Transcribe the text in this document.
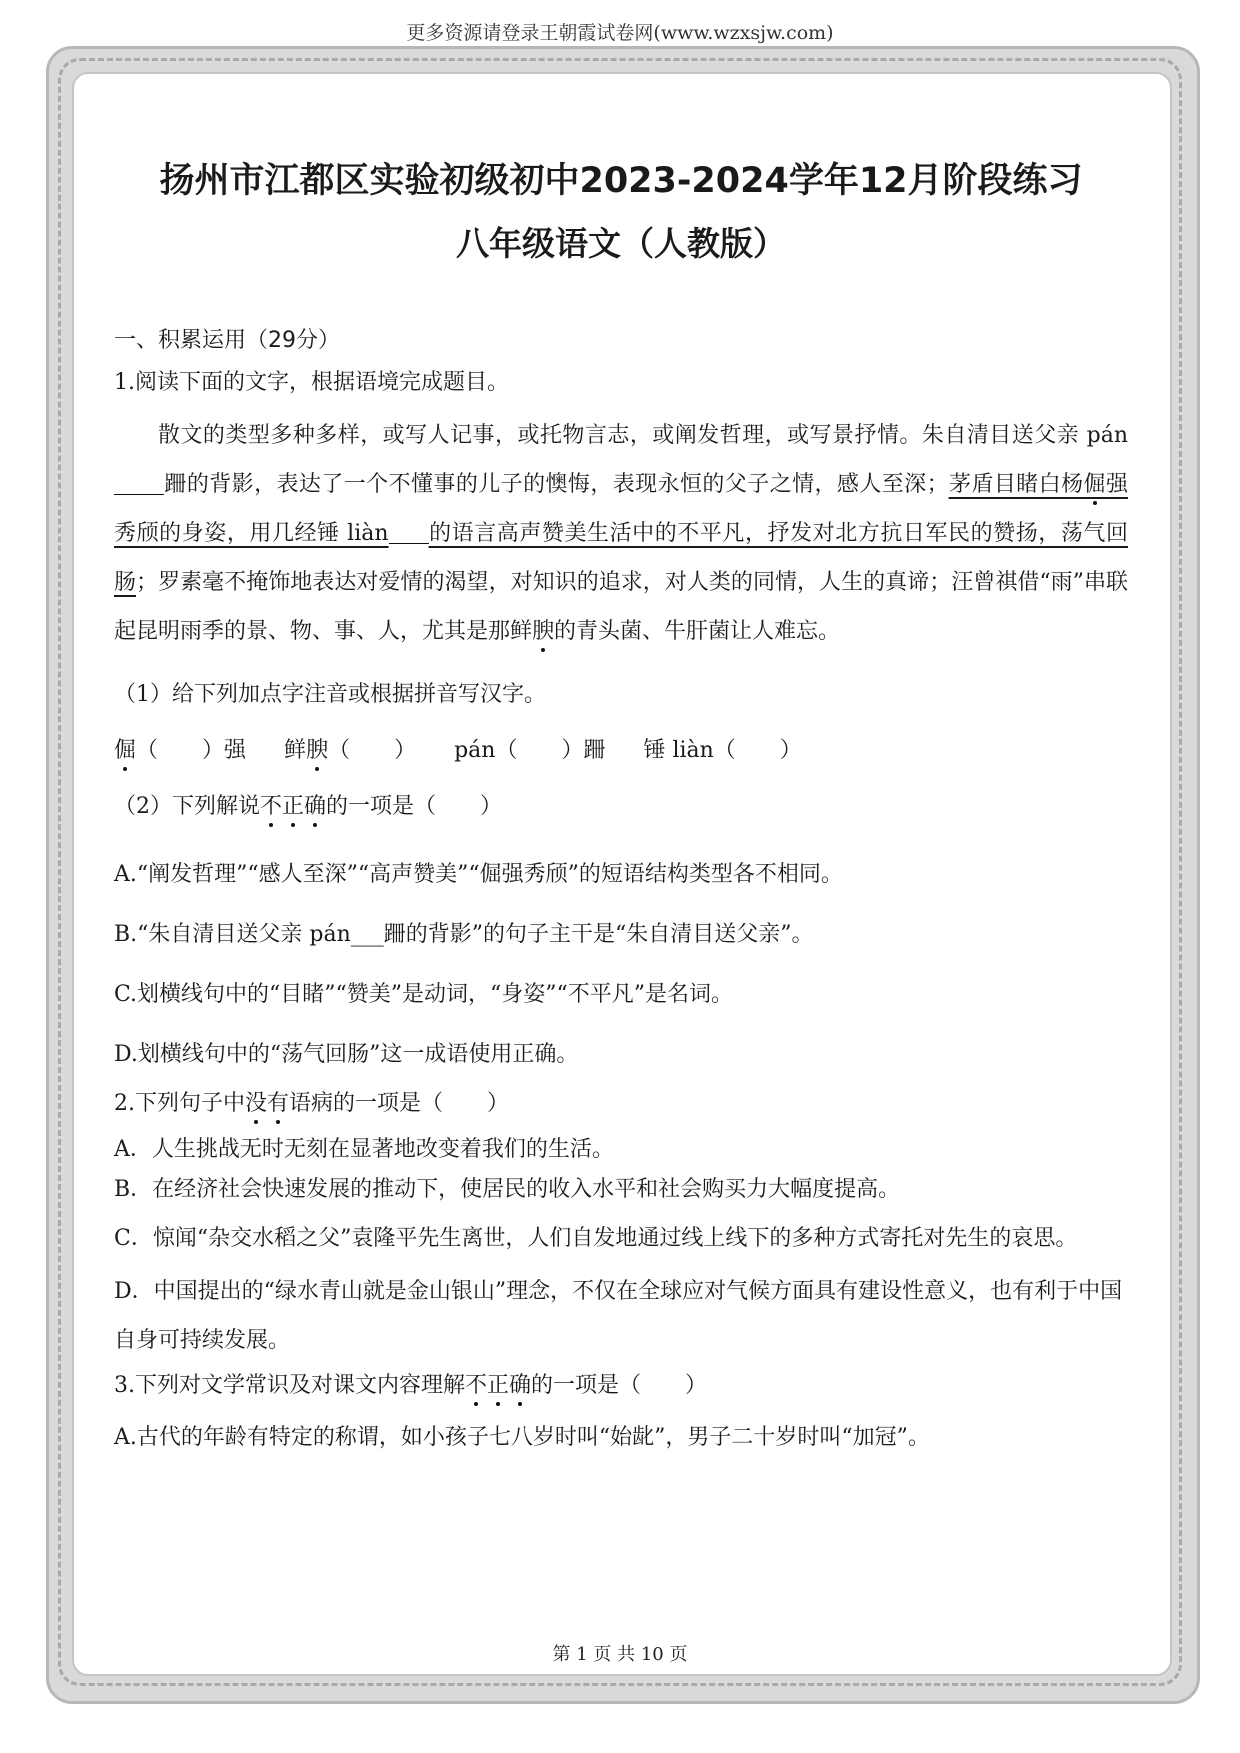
更多资源请登录王朝霞试卷网(www.wzxsjw.com)
扬州市江都区实验初级初中2023-2024学年12月阶段练习
八年级语文（人教版）
一、积累运用（29分）

1.阅读下面的文字，根据语境完成题目。

散文的类型多种多样，或写人记事，或托物言志，或阐发哲理，或写景抒情。朱自清目送父亲 pán跚的背影，表达了一个不懂事的儿子的懊悔，表现永恒的父子之情，感人至深；茅盾目睹白杨倔强秀颀的身姿，用几经锤 liàn 的语言高声赞美生活中的不平凡，抒发对北方抗日军民的赞扬，荡气回肠；罗素毫不掩饰地表达对爱情的渴望，对知识的追求，对人类的同情，人生的真谛；汪曾祺借“雨”串联起昆明雨季的景、物、事、人，尤其是那鲜腴的青头菌、牛肝菌让人难忘。

（1）给下列加点字注音或根据拼音写汉字。

倔（　　）强 鲜腴（　　） pán（　　）跚 锤 liàn（　　）

（2）下列解说不正确的一项是（　　）

A.“阐发哲理”“感人至深”“高声赞美”“倔强秀颀”的短语结构类型各不相同。

B.“朱自清目送父亲 pán___跚的背影”的句子主干是“朱自清目送父亲”。

C.划横线句中的“目睹”“赞美”是动词，“身姿”“不平凡”是名词。

D.划横线句中的“荡气回肠”这一成语使用正确。

2.下列句子中没有语病的一项是（　　）

A．人生挑战无时无刻在显著地改变着我们的生活。

B．在经济社会快速发展的推动下，使居民的收入水平和社会购买力大幅度提高。

C．惊闻“杂交水稻之父”袁隆平先生离世，人们自发地通过线上线下的多种方式寄托对先生的哀思。

D．中国提出的“绿水青山就是金山银山”理念，不仅在全球应对气候方面具有建设性意义，也有利于中国自身可持续发展。

3.下列对文学常识及对课文内容理解不正确的一项是（　　）

A.古代的年龄有特定的称谓，如小孩子七八岁时叫“始龀”，男子二十岁时叫“加冠”。

第 1 页 共 10 页
